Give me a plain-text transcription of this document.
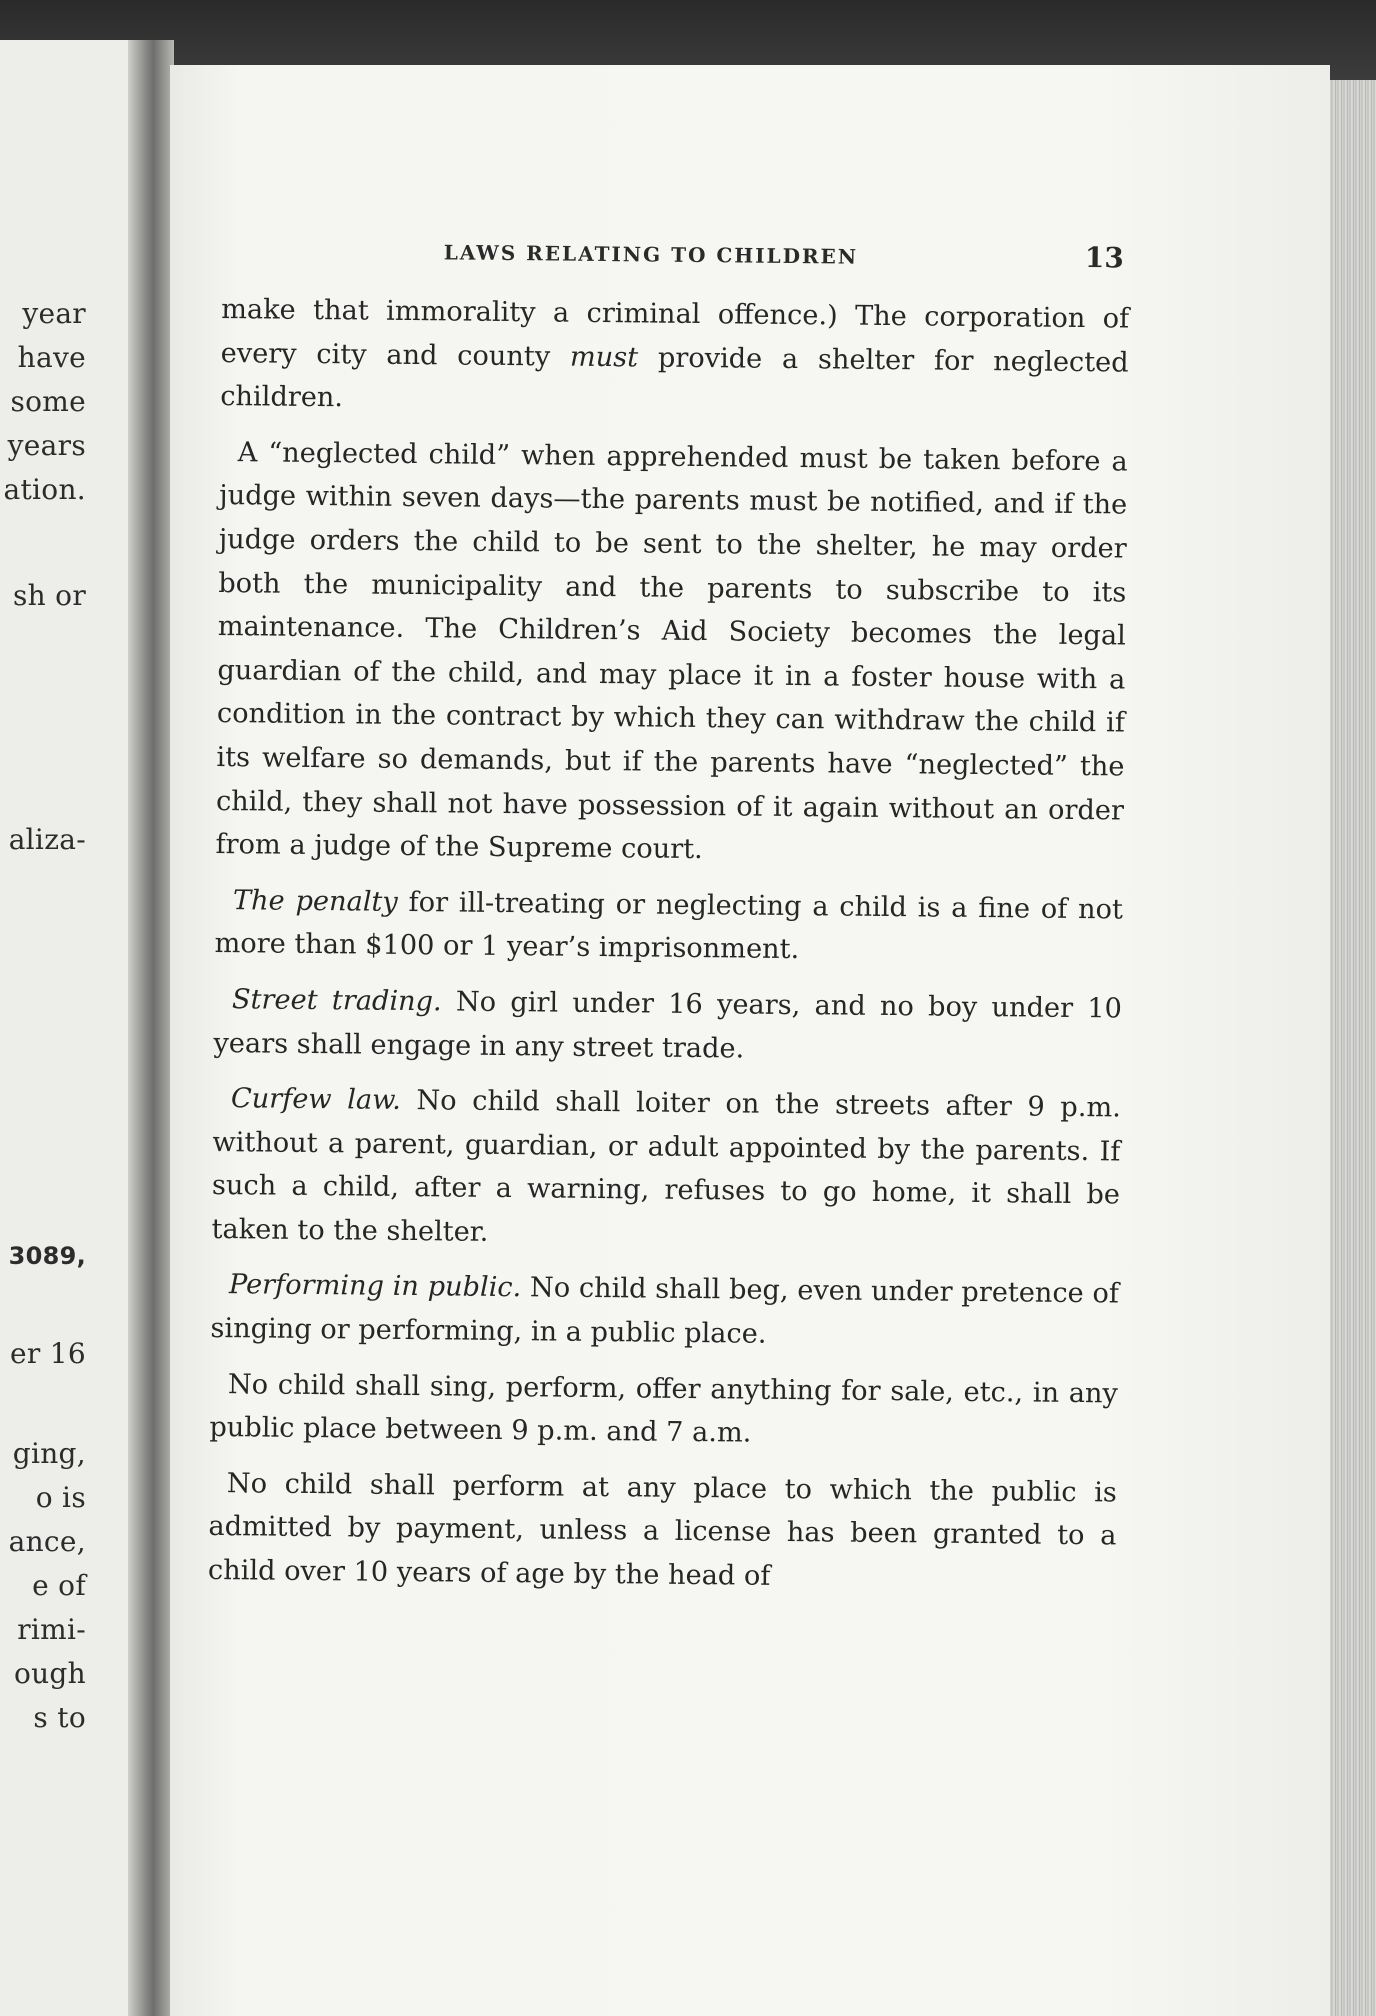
year
have
some
years
ation.
sh or
aliza-
3089,
er 16
ging,
o is
ance,
e of
rimi-
ough
s to
LAWS RELATING TO CHILDREN	13

make that immorality a criminal offence.) The corporation of every city and county must provide a shelter for neglected children.

A “neglected child” when apprehended must be taken before a judge within seven days—the parents must be notified, and if the judge orders the child to be sent to the shelter, he may order both the municipality and the parents to subscribe to its maintenance. The Children’s Aid Society becomes the legal guardian of the child, and may place it in a foster house with a condition in the contract by which they can withdraw the child if its welfare so demands, but if the parents have “neglected” the child, they shall not have possession of it again without an order from a judge of the Supreme court.

The penalty for ill-treating or neglecting a child is a fine of not more than $100 or 1 year’s imprisonment.

Street trading. No girl under 16 years, and no boy under 10 years shall engage in any street trade.

Curfew law. No child shall loiter on the streets after 9 p.m. without a parent, guardian, or adult appointed by the parents. If such a child, after a warning, refuses to go home, it shall be taken to the shelter.

Performing in public. No child shall beg, even under pretence of singing or performing, in a public place.

No child shall sing, perform, offer anything for sale, etc., in any public place between 9 p.m. and 7 a.m.

No child shall perform at any place to which the public is admitted by payment, unless a license has been granted to a child over 10 years of age by the head of
